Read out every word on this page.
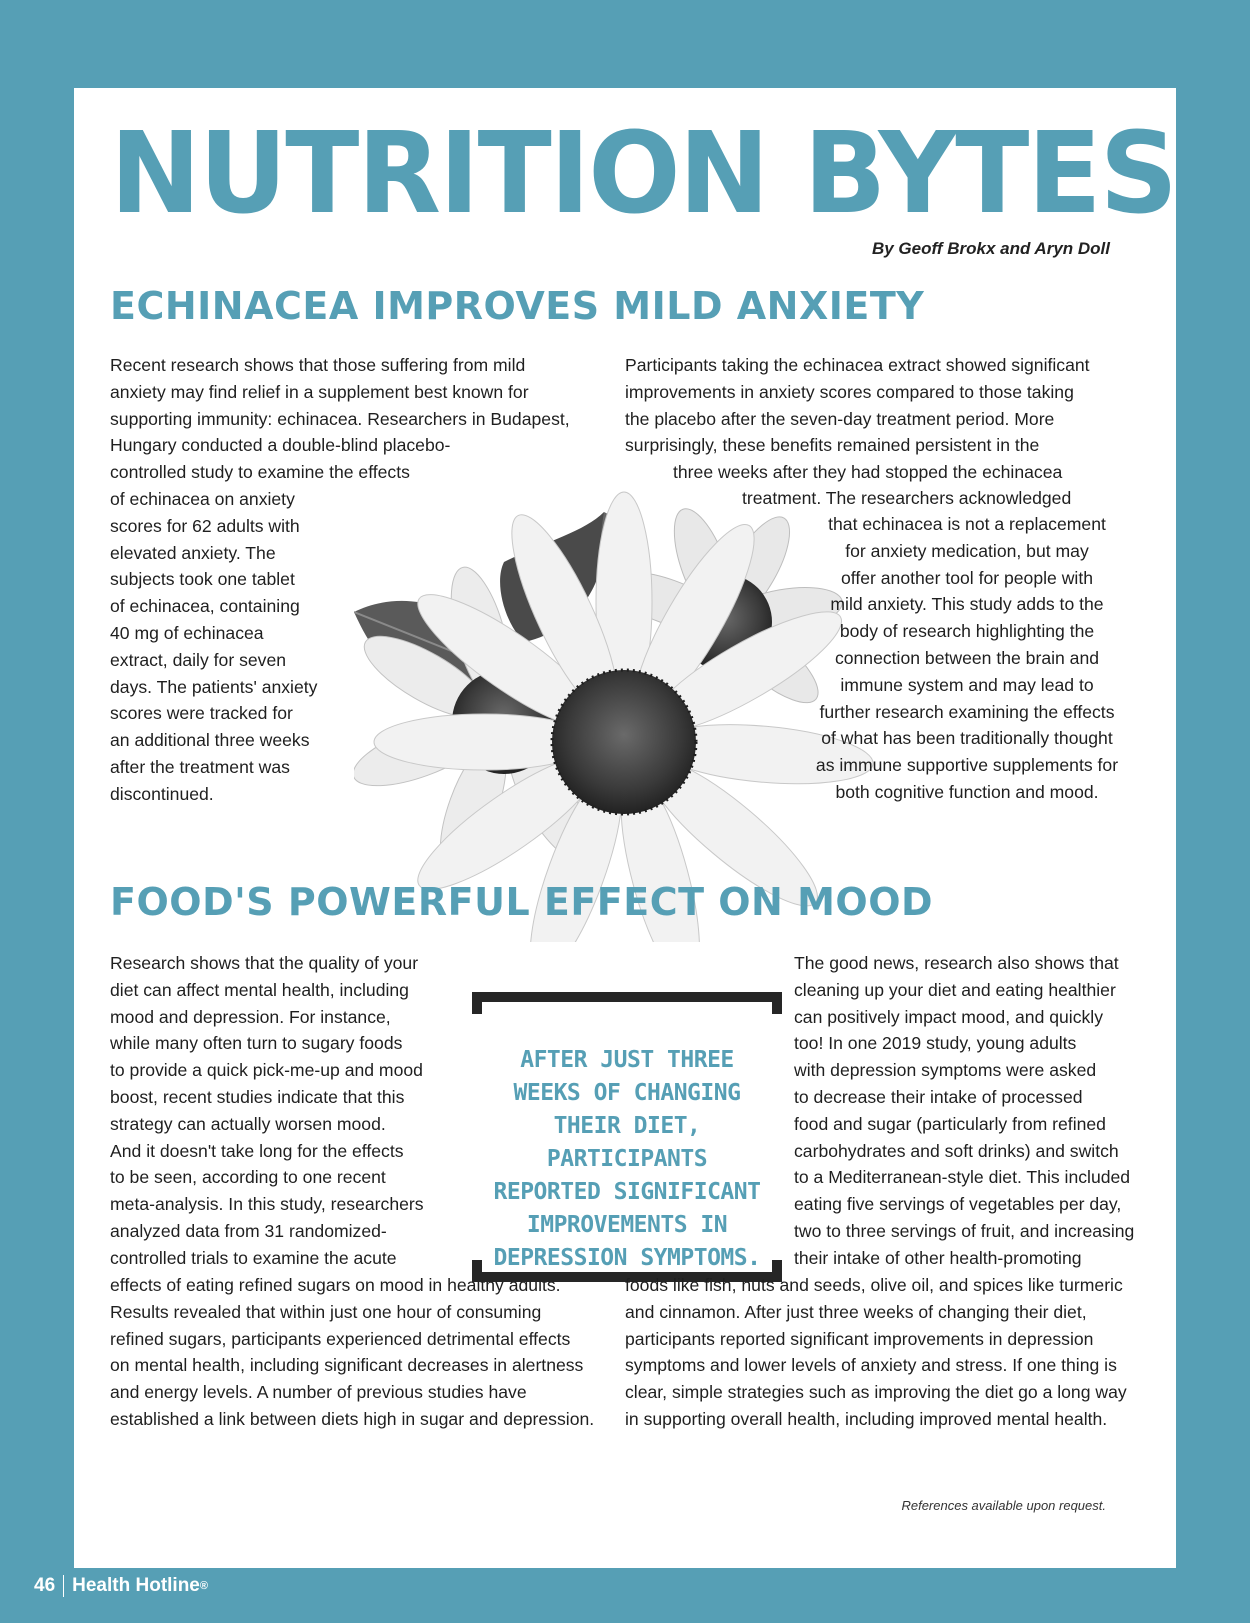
NUTRITION BYTES
By Geoff Brokx and Aryn Doll
ECHINACEA IMPROVES MILD ANXIETY
Recent research shows that those suffering from mild
anxiety may find relief in a supplement best known for
supporting immunity: echinacea. Researchers in Budapest,
Hungary conducted a double-blind placebo-
controlled study to examine the effects
of echinacea on anxiety
scores for 62 adults with
elevated anxiety. The
subjects took one tablet
of echinacea, containing
40 mg of echinacea
extract, daily for seven
days. The patients' anxiety
scores were tracked for
an additional three weeks
after the treatment was
discontinued.
Participants taking the echinacea extract showed significant
improvements in anxiety scores compared to those taking
the placebo after the seven-day treatment period. More
surprisingly, these benefits remained persistent in the
three weeks after they had stopped the echinacea
treatment. The researchers acknowledged
that echinacea is not a replacement
for anxiety medication, but may
offer another tool for people with
mild anxiety. This study adds to the
body of research highlighting the
connection between the brain and
immune system and may lead to
further research examining the effects
of what has been traditionally thought
as immune supportive supplements for
both cognitive function and mood.
FOOD'S POWERFUL EFFECT ON MOOD
Research shows that the quality of your
diet can affect mental health, including
mood and depression. For instance,
while many often turn to sugary foods
to provide a quick pick-me-up and mood
boost, recent studies indicate that this
strategy can actually worsen mood.
And it doesn't take long for the effects
to be seen, according to one recent
meta-analysis. In this study, researchers
analyzed data from 31 randomized-
controlled trials to examine the acute
effects of eating refined sugars on mood in healthy adults.
Results revealed that within just one hour of consuming
refined sugars, participants experienced detrimental effects
on mental health, including significant decreases in alertness
and energy levels. A number of previous studies have
established a link between diets high in sugar and depression.
AFTER JUST THREE
WEEKS OF CHANGING
THEIR DIET, PARTICIPANTS
REPORTED SIGNIFICANT
IMPROVEMENTS IN
DEPRESSION SYMPTOMS.
The good news, research also shows that
cleaning up your diet and eating healthier
can positively impact mood, and quickly
too! In one 2019 study, young adults
with depression symptoms were asked
to decrease their intake of processed
food and sugar (particularly from refined
carbohydrates and soft drinks) and switch
to a Mediterranean-style diet. This included
eating five servings of vegetables per day,
two to three servings of fruit, and increasing
their intake of other health-promoting
foods like fish, nuts and seeds, olive oil, and spices like turmeric
and cinnamon. After just three weeks of changing their diet,
participants reported significant improvements in depression
symptoms and lower levels of anxiety and stress. If one thing is
clear, simple strategies such as improving the diet go a long way
in supporting overall health, including improved mental health.
References available upon request.
46 Health Hotline ®
